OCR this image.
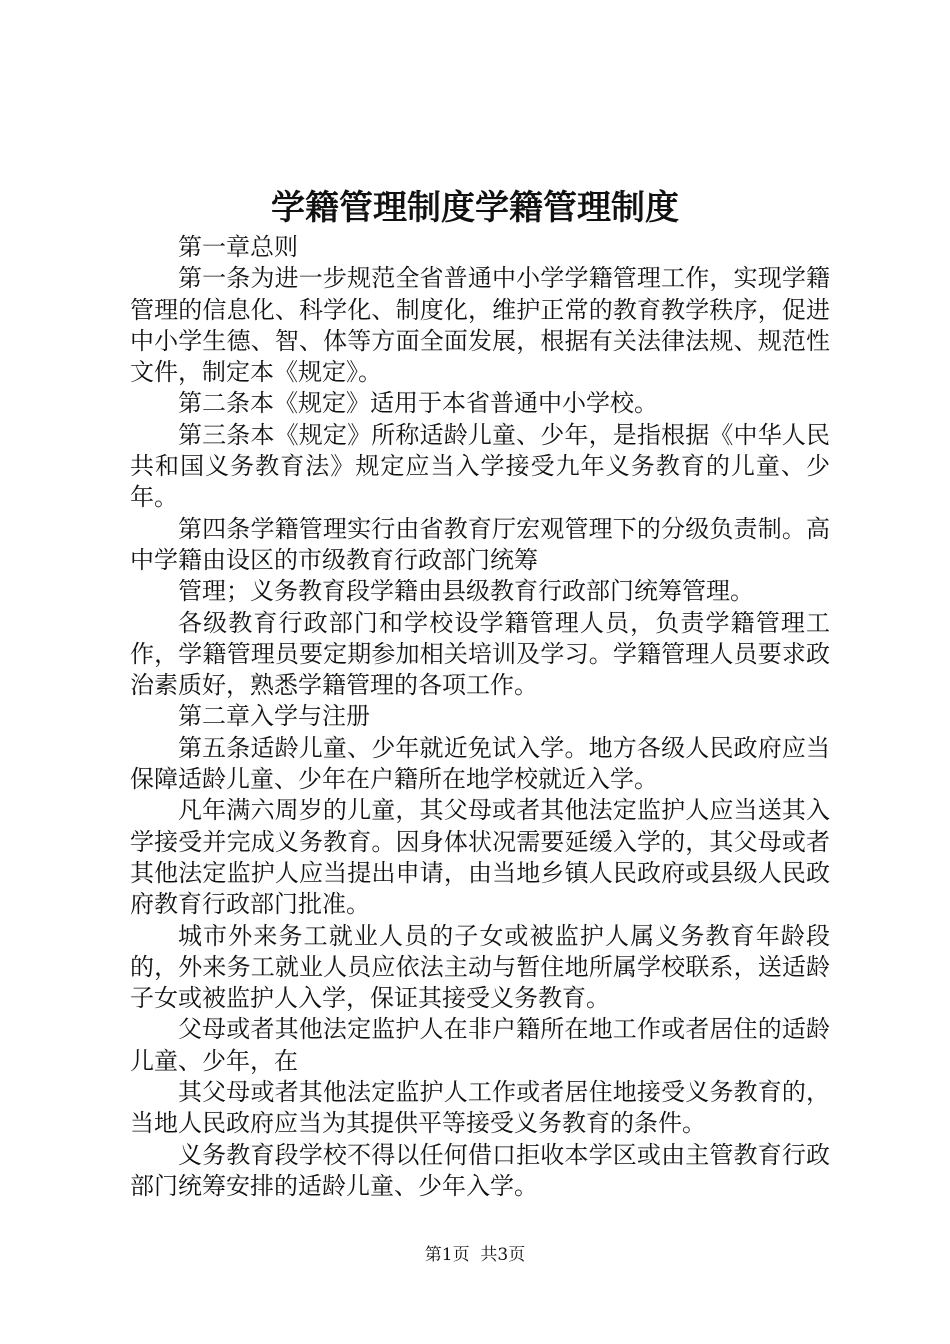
学籍管理制度学籍管理制度

第一章总则

第一条为进一步规范全省普通中小学学籍管理工作，实现学籍管理的信息化、科学化、制度化，维护正常的教育教学秩序，促进中小学生德、智、体等方面全面发展，根据有关法律法规、规范性文件，制定本《规定》。

第二条本《规定》适用于本省普通中小学校。

第三条本《规定》所称适龄儿童、少年，是指根据《中华人民共和国义务教育法》规定应当入学接受九年义务教育的儿童、少年。

第四条学籍管理实行由省教育厅宏观管理下的分级负责制。高中学籍由设区的市级教育行政部门统筹

管理；义务教育段学籍由县级教育行政部门统筹管理。

各级教育行政部门和学校设学籍管理人员，负责学籍管理工作，学籍管理员要定期参加相关培训及学习。学籍管理人员要求政治素质好，熟悉学籍管理的各项工作。

第二章入学与注册

第五条适龄儿童、少年就近免试入学。地方各级人民政府应当保障适龄儿童、少年在户籍所在地学校就近入学。

凡年满六周岁的儿童，其父母或者其他法定监护人应当送其入学接受并完成义务教育。因身体状况需要延缓入学的，其父母或者其他法定监护人应当提出申请，由当地乡镇人民政府或县级人民政府教育行政部门批准。

城市外来务工就业人员的子女或被监护人属义务教育年龄段的，外来务工就业人员应依法主动与暂住地所属学校联系，送适龄子女或被监护人入学，保证其接受义务教育。

父母或者其他法定监护人在非户籍所在地工作或者居住的适龄儿童、少年，在

其父母或者其他法定监护人工作或者居住地接受义务教育的，当地人民政府应当为其提供平等接受义务教育的条件。

义务教育段学校不得以任何借口拒收本学区或由主管教育行政部门统筹安排的适龄儿童、少年入学。

第1页 共3页
